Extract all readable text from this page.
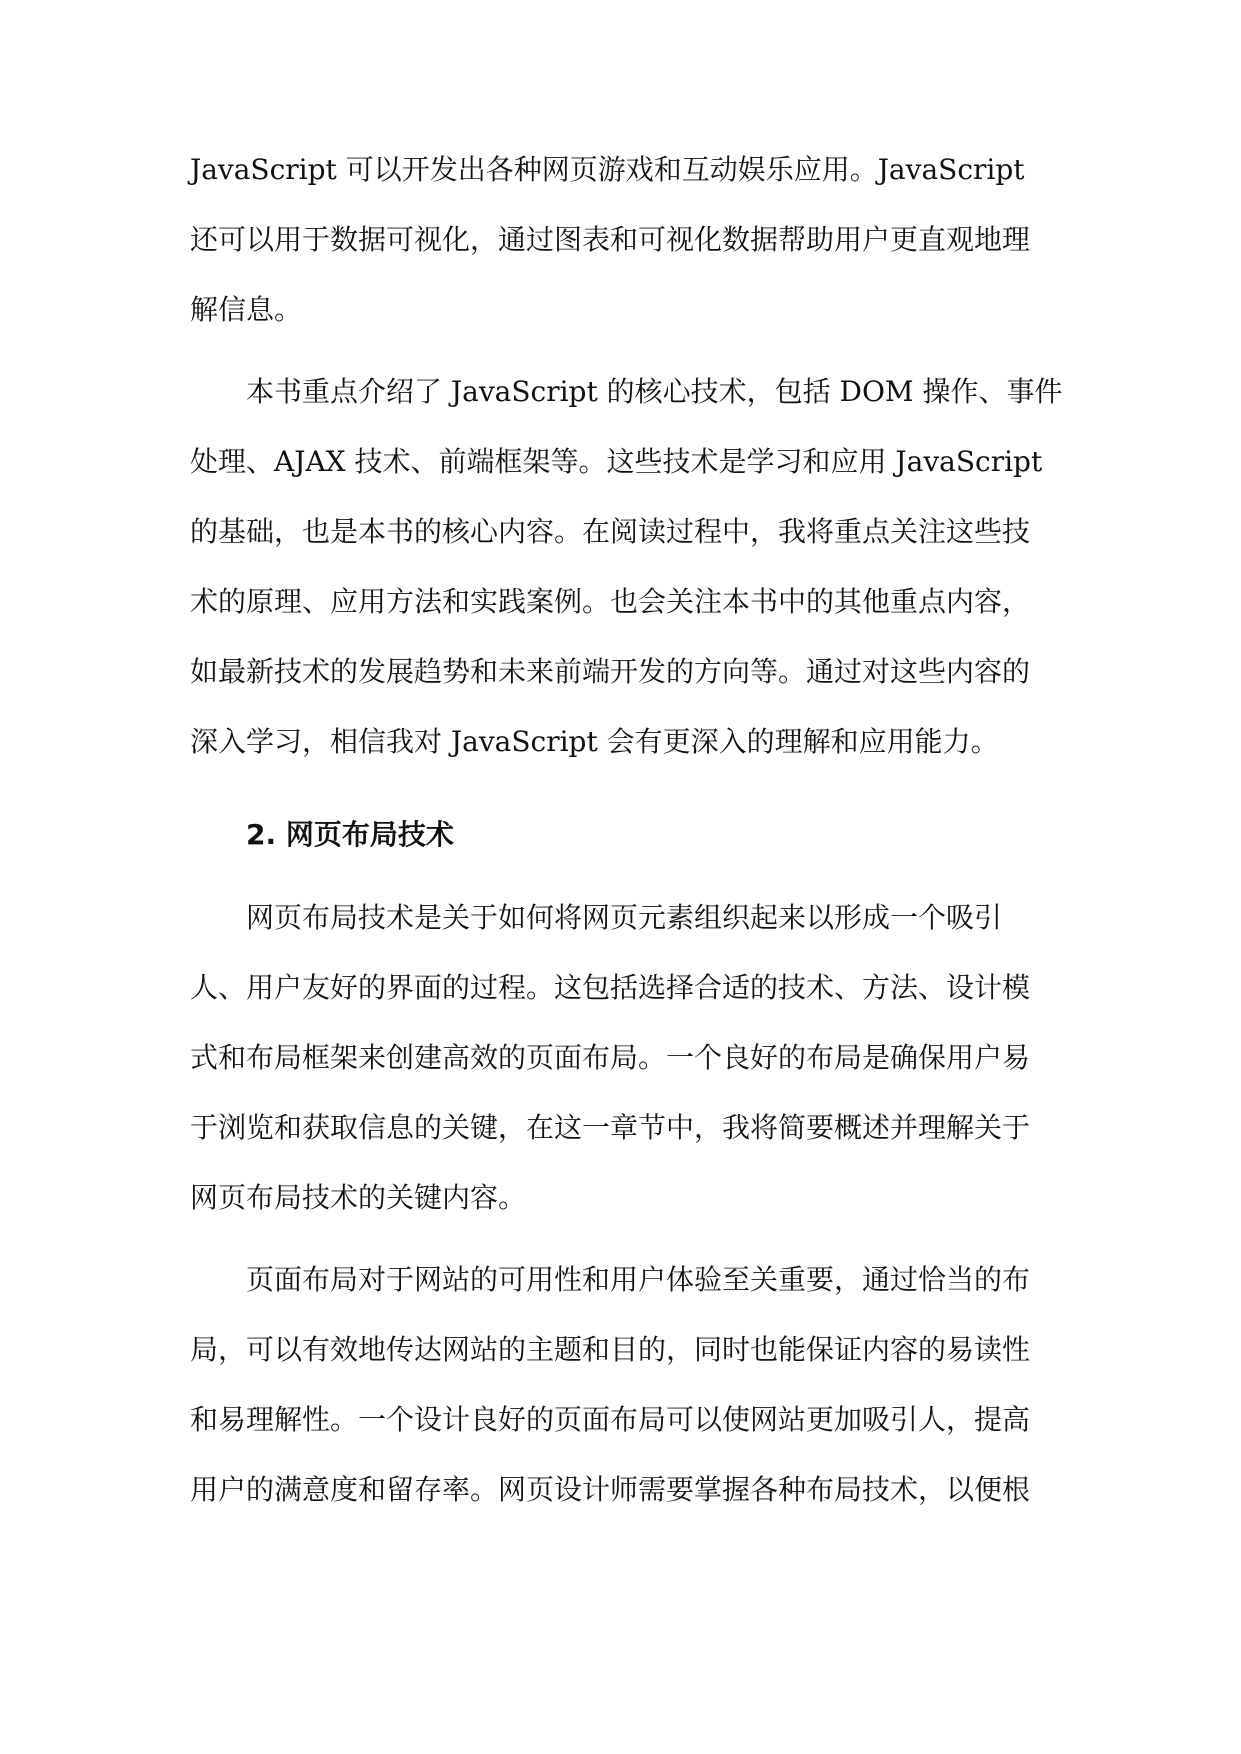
JavaScript 可以开发出各种网页游戏和互动娱乐应用。JavaScript
还可以用于数据可视化，通过图表和可视化数据帮助用户更直观地理
解信息。
本书重点介绍了 JavaScript 的核心技术，包括 DOM 操作、事件
处理、AJAX 技术、前端框架等。这些技术是学习和应用 JavaScript
的基础，也是本书的核心内容。在阅读过程中，我将重点关注这些技
术的原理、应用方法和实践案例。也会关注本书中的其他重点内容，
如最新技术的发展趋势和未来前端开发的方向等。通过对这些内容的
深入学习，相信我对 JavaScript 会有更深入的理解和应用能力。
2. 网页布局技术
网页布局技术是关于如何将网页元素组织起来以形成一个吸引
人、用户友好的界面的过程。这包括选择合适的技术、方法、设计模
式和布局框架来创建高效的页面布局。一个良好的布局是确保用户易
于浏览和获取信息的关键，在这一章节中，我将简要概述并理解关于
网页布局技术的关键内容。
页面布局对于网站的可用性和用户体验至关重要，通过恰当的布
局，可以有效地传达网站的主题和目的，同时也能保证内容的易读性
和易理解性。一个设计良好的页面布局可以使网站更加吸引人，提高
用户的满意度和留存率。网页设计师需要掌握各种布局技术，以便根
